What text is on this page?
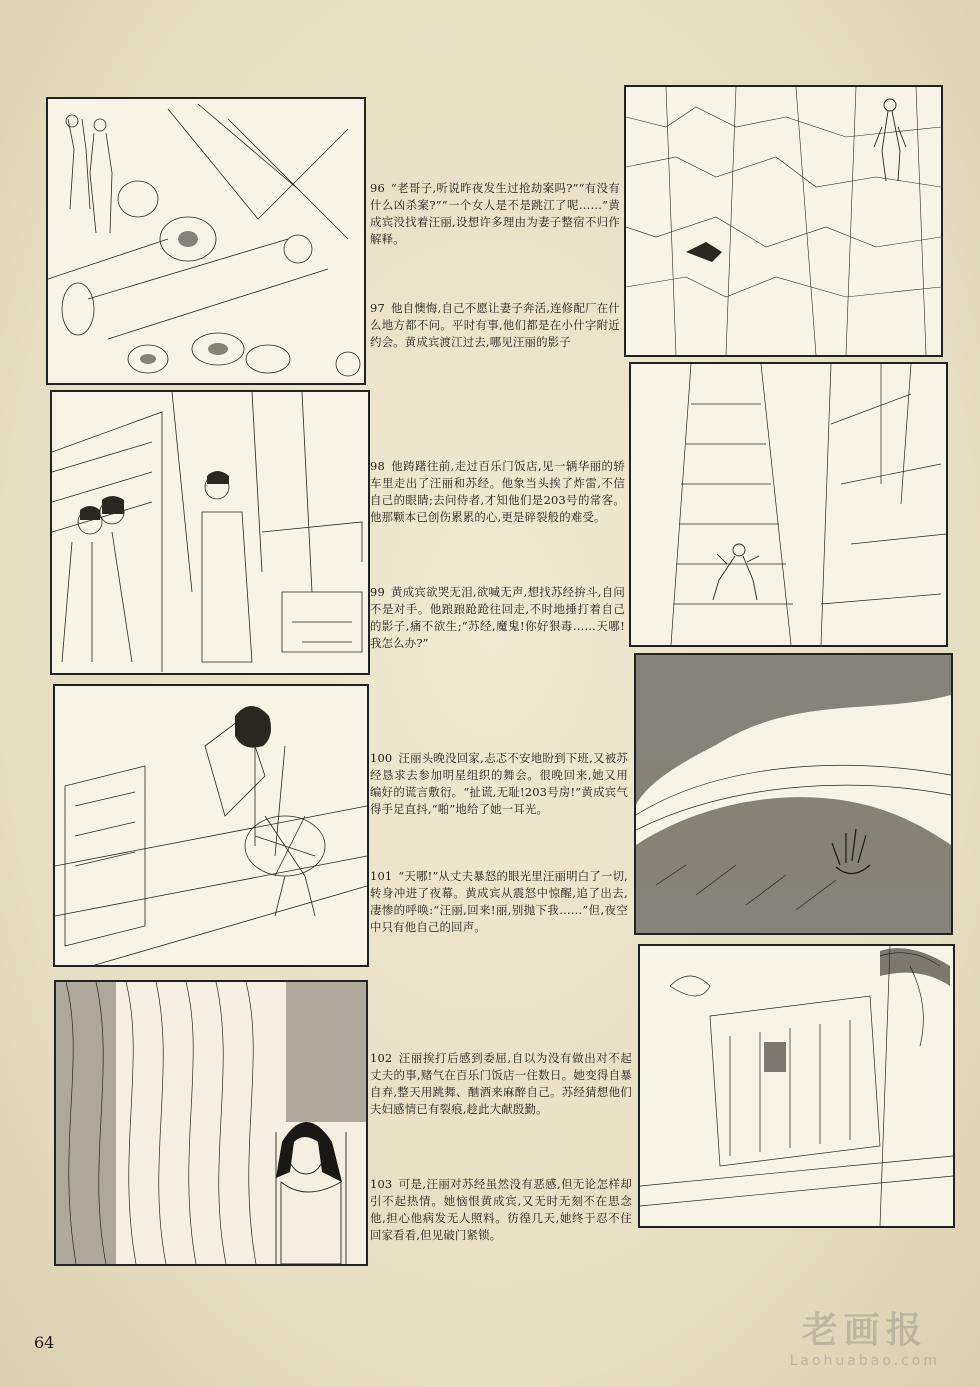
96 “老哥子,听说昨夜发生过抢劫案吗?”“有没有什么凶杀案?”“一个女人是不是跳江了呢……”黄成宾没找着汪丽,设想许多理由为妻子整宿不归作解释。
97 他自懊悔,自己不愿让妻子奔活,连修配厂在什么地方都不问。平时有事,他们都是在小什字附近约会。黄成宾渡江过去,哪见汪丽的影子
98 他踌躇往前,走过百乐门饭店,见一辆华丽的轿车里走出了汪丽和苏经。他象当头挨了炸雷,不信自己的眼睛;去问侍者,才知他们是203号的常客。他那颗本已创伤累累的心,更是碎裂般的难受。
99 黄成宾欲哭无泪,欲喊无声,想找苏经拚斗,自问不是对手。他踉踉跄跄往回走,不时地捶打着自己的影子,痛不欲生;“苏经,魔鬼!你好狠毒……天哪!我怎么办?”
100 汪丽头晚没回家,忐忑不安地盼到下班,又被苏经恳求去参加明星组织的舞会。很晚回来,她又用编好的谎言敷衍。“扯谎,无耻!203号房!”黄成宾气得手足直抖,“啪”地给了她一耳光。
101 “天哪!”从丈夫暴怒的眼光里汪丽明白了一切,转身冲进了夜幕。黄成宾从震怒中惊醒,追了出去,凄惨的呼唤:“汪丽,回来!丽,别抛下我……”但,夜空中只有他自己的回声。
102 汪丽挨打后感到委屈,自以为没有做出对不起丈夫的事,赌气在百乐门饭店一住数日。她变得自暴自弃,整天用跳舞、酗酒来麻醉自己。苏经猜想他们夫妇感情已有裂痕,趁此大献殷勤。
103 可是,汪丽对苏经虽然没有恶感,但无论怎样却引不起热情。她恼恨黄成宾,又无时无刻不在思念他,担心他病发无人照料。彷徨几天,她终于忍不住回家看看,但见破门紧锁。
64	老画报
Laohuabao.com
